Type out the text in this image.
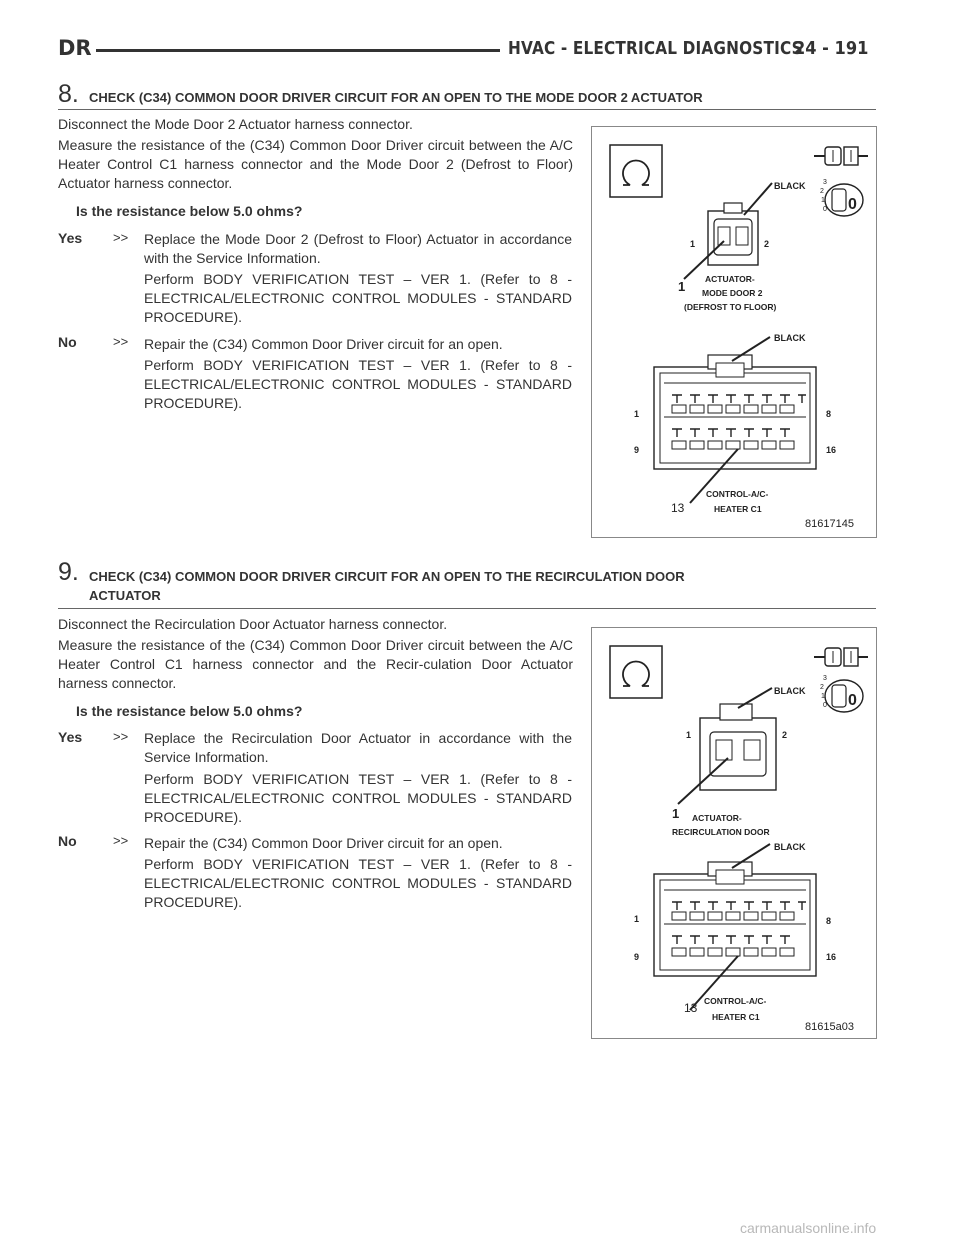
DR	HVAC - ELECTRICAL DIAGNOSTICS
24 - 191
8. CHECK (C34) COMMON DOOR DRIVER CIRCUIT FOR AN OPEN TO THE MODE DOOR 2 ACTUATOR

Disconnect the Mode Door 2 Actuator harness connector.

Measure the resistance of the (C34) Common Door Driver circuit between the A/C Heater Control C1 harness connector and the Mode Door 2 (Defrost to Floor) Actuator harness connector.

Is the resistance below 5.0 ohms?
Yes >> Replace the Mode Door 2 (Defrost to Floor) Actuator in accordance with the Service Information.

Perform BODY VERIFICATION TEST – VER 1. (Refer to 8 - ELECTRICAL/ELECTRONIC CONTROL MODULES - STANDARD PROCEDURE).

No	>> Repair the (C34) Common Door Driver circuit for an open.

Perform BODY VERIFICATION TEST – VER 1. (Refer to 8 - ELECTRICAL/ELECTRONIC CONTROL MODULES - STANDARD PROCEDURE).

3
2
1
0 0
BLACK
1	2
1 ACTUATOR-
MODE DOOR 2
(DEFROST TO FLOOR)
BLACK
1	8
9	16
13
CONTROL-A/C-
HEATER C1
81617145
9. CHECK (C34) COMMON DOOR DRIVER CIRCUIT FOR AN OPEN TO THE RECIRCULATION DOOR
ACTUATOR

Disconnect the Recirculation Door Actuator harness connector.

Measure the resistance of the (C34) Common Door Driver circuit between the A/C Heater Control C1 harness connector and the Recir-culation Door Actuator harness connector.

Is the resistance below 5.0 ohms?
Yes >> Replace the Recirculation Door Actuator in accordance with the Service Information.

Perform BODY VERIFICATION TEST – VER 1. (Refer to 8 - ELECTRICAL/ELECTRONIC CONTROL MODULES - STANDARD PROCEDURE).

No	>> Repair the (C34) Common Door Driver circuit for an open.

Perform BODY VERIFICATION TEST – VER 1. (Refer to 8 - ELECTRICAL/ELECTRONIC CONTROL MODULES - STANDARD PROCEDURE).

3
2
1
0 0
BLACK
1	2
1 ACTUATOR-
RECIRCULATION DOOR
BLACK
1	8
9	16
13 CONTROL-A/C-
HEATER C1
81615a03
carmanualsonline.info
